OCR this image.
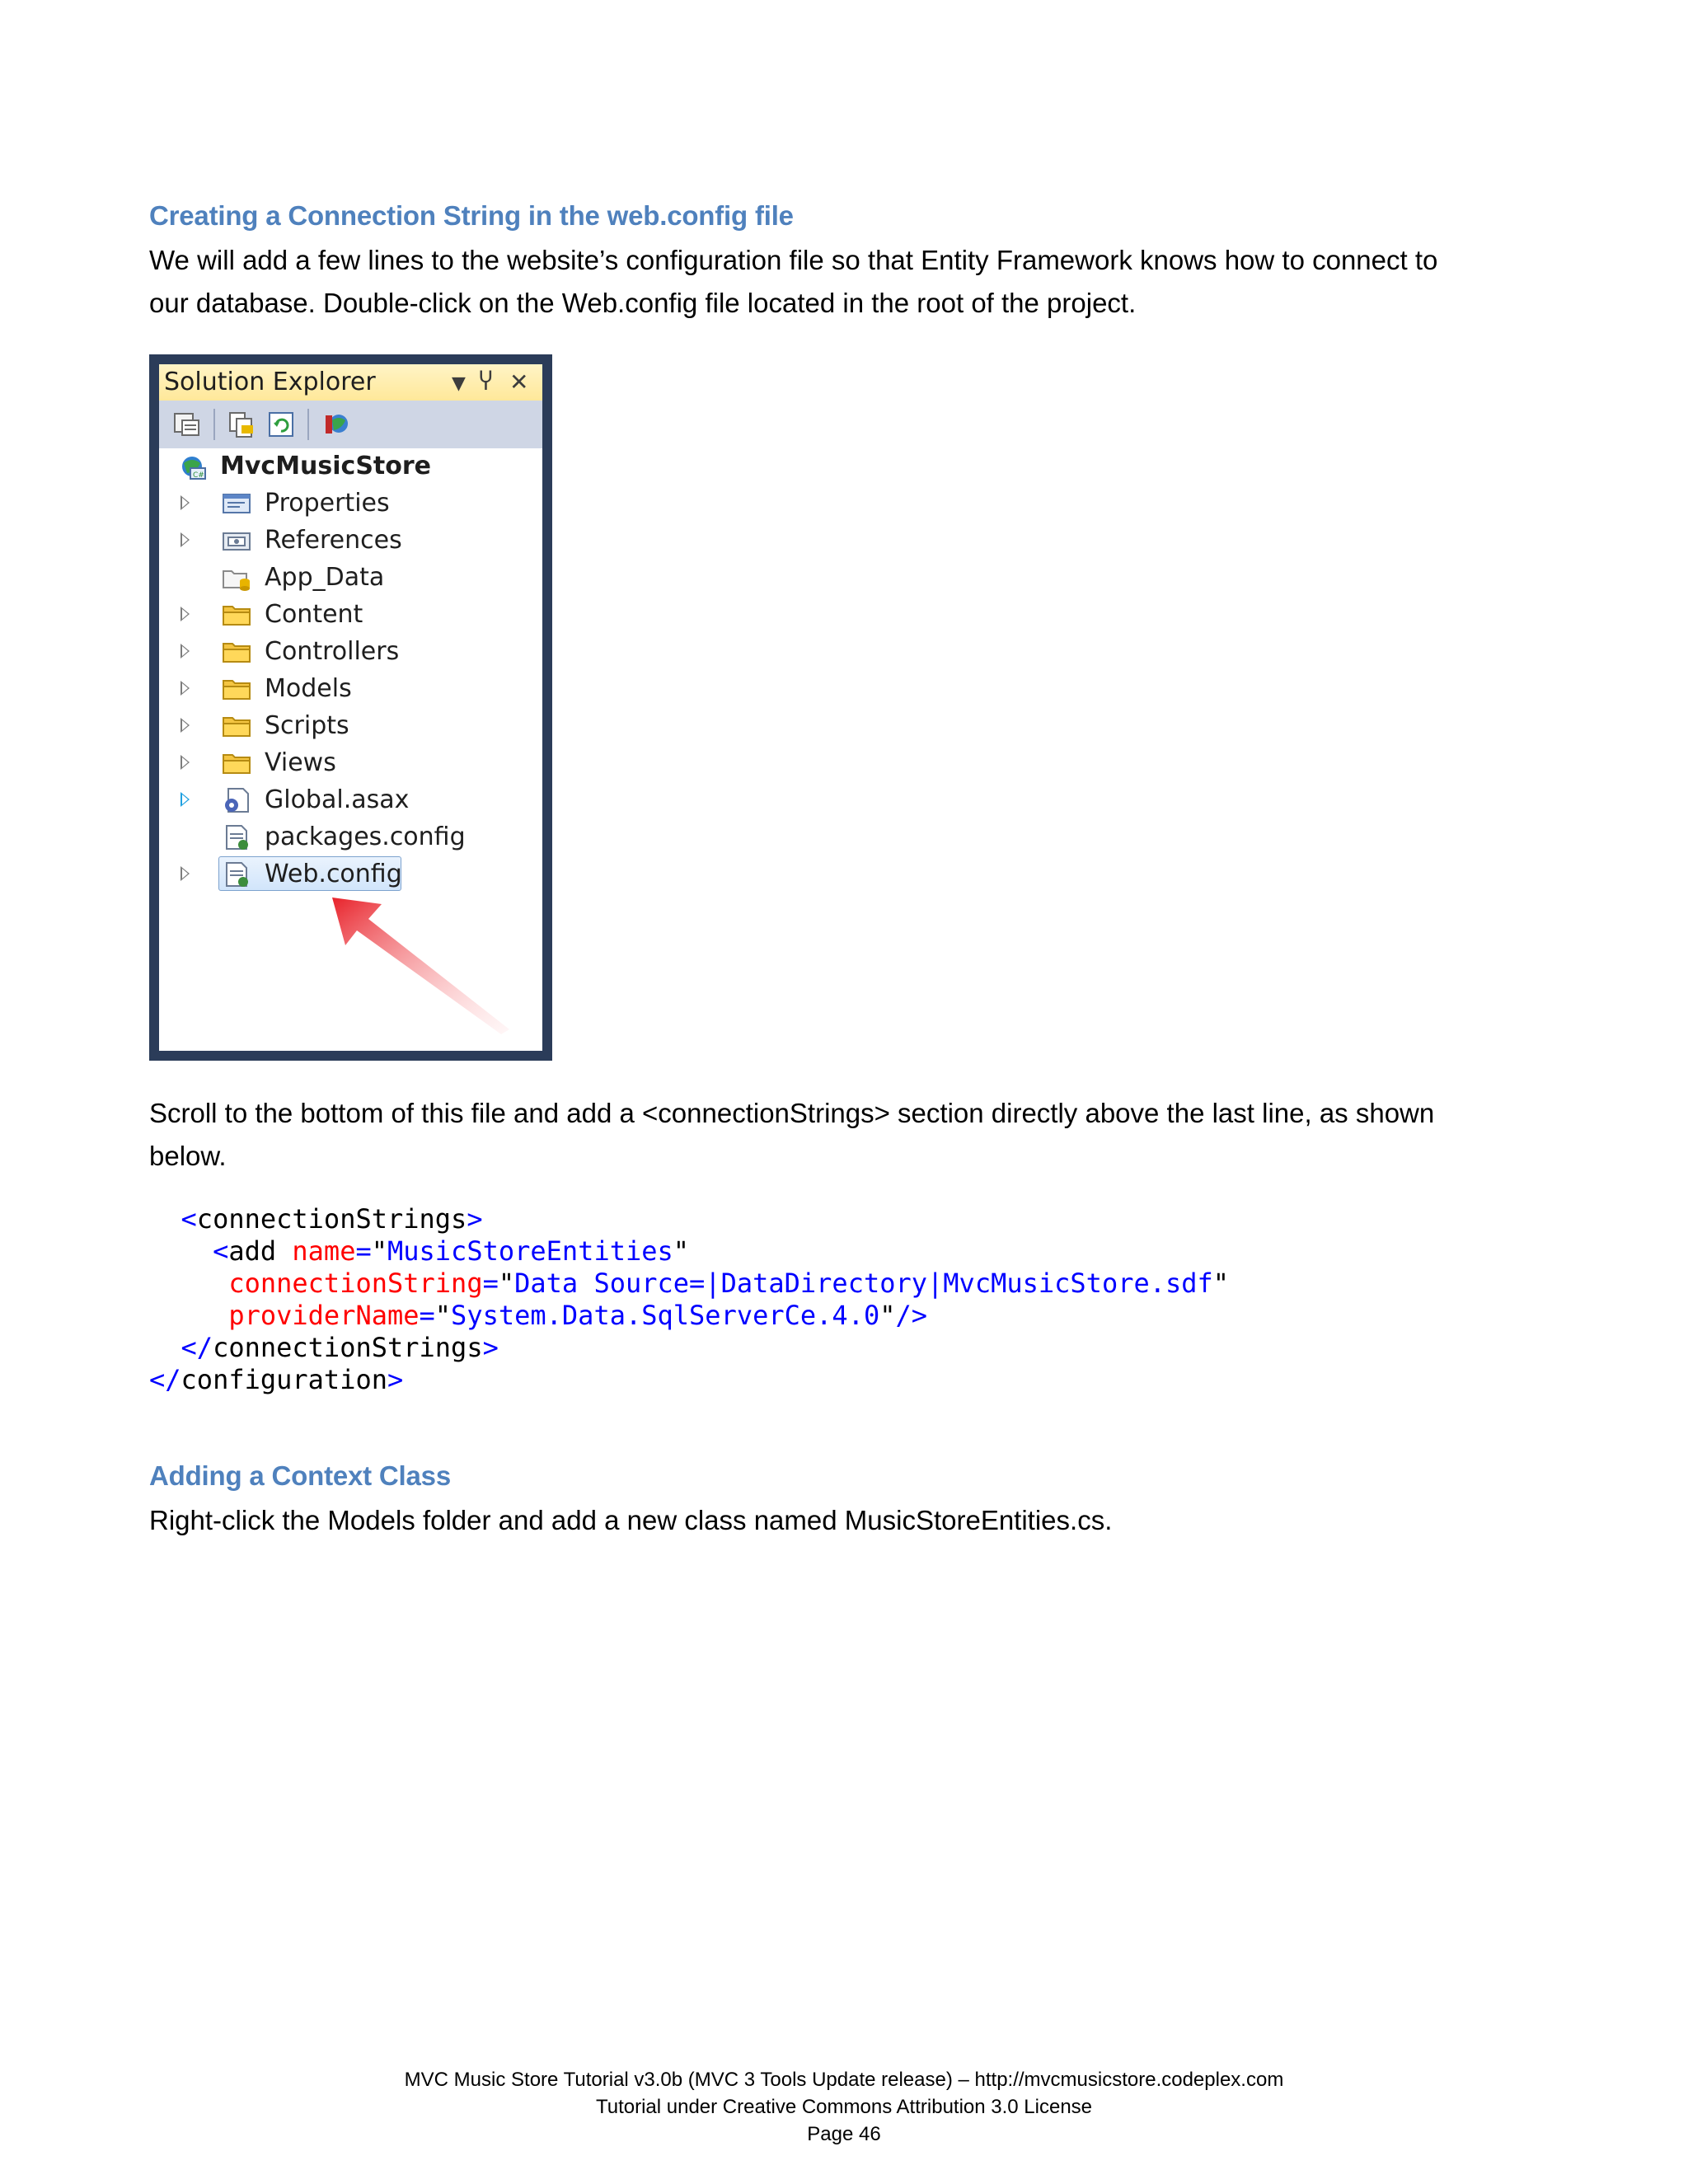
Creating a Connection String in the web.config file

We will add a few lines to the website’s configuration file so that Entity Framework knows how to connect to

our database. Double-click on the Web.config file located in the root of the project.

Solution Explorer	▼ Ⴤ ✕
C# MvcMusicStore
Properties
References
App_Data
Content
Controllers
Models
Scripts
Views
Global.asax
packages.config
Web.config

Scroll to the bottom of this file and add a <connectionStrings> section directly above the last line, as shown

below.

<connectionStrings>
<add name="MusicStoreEntities"
connectionString="Data Source=|DataDirectory|MvcMusicStore.sdf"
providerName="System.Data.SqlServerCe.4.0"/>
</connectionStrings>
</configuration>
Adding a Context Class

Right-click the Models folder and add a new class named MusicStoreEntities.cs.

MVC Music Store Tutorial v3.0b (MVC 3 Tools Update release) – http://mvcmusicstore.codeplex.com
Tutorial under Creative Commons Attribution 3.0 License
Page 46
